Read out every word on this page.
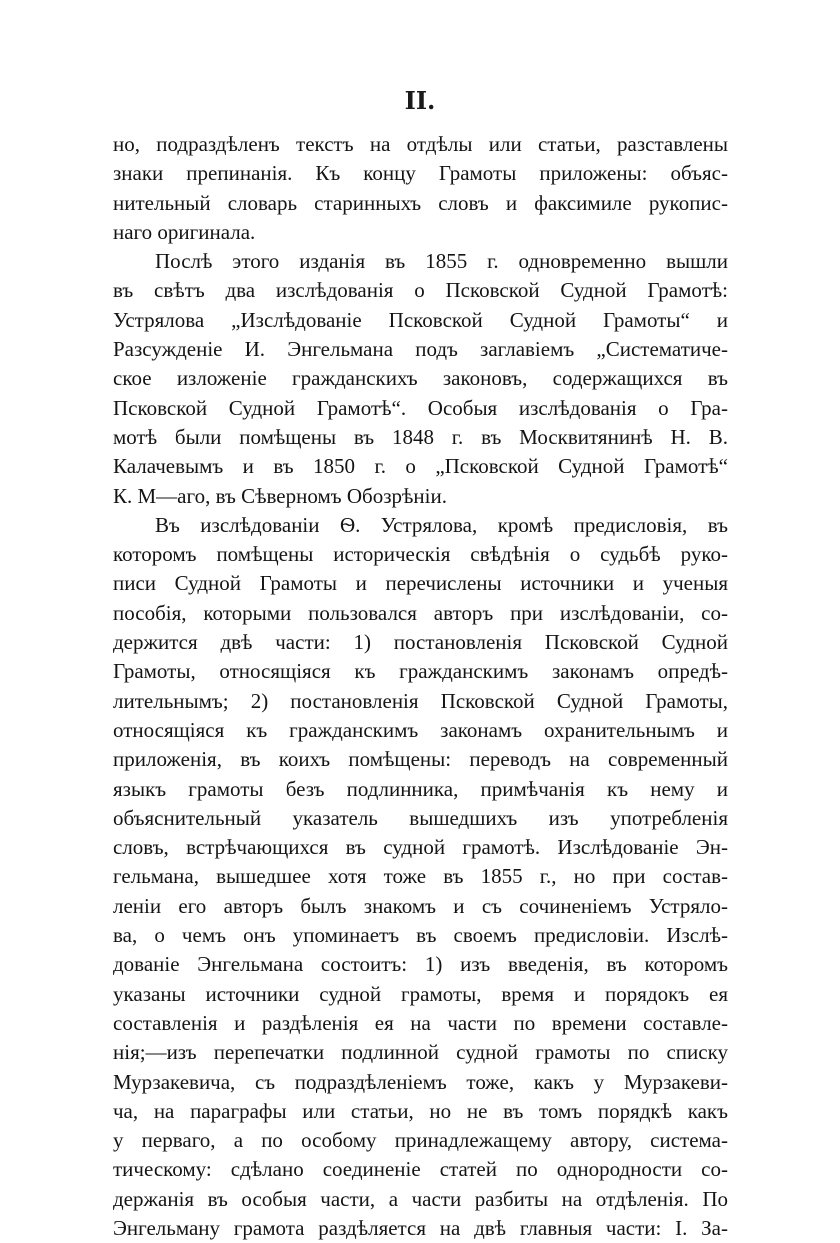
II.
но, подраздѣленъ текстъ на отдѣлы или статьи, разставлены
знаки препинанія. Къ концу Грамоты приложены: объяс-
нительный словарь старинныхъ словъ и факсимиле рукопис-
наго оригинала.
Послѣ этого изданія въ 1855 г. одновременно вышли
въ свѣтъ два изслѣдованія о Псковской Судной Грамотѣ:
Устрялова „Изслѣдованіе Псковской Судной Грамоты“ и
Разсужденіе И. Энгельмана подъ заглавіемъ „Систематиче-
ское изложеніе гражданскихъ законовъ, содержащихся въ
Псковской Судной Грамотѣ“. Особыя изслѣдованія о Гра-
мотѣ были помѣщены въ 1848 г. въ Москвитянинѣ Н. В.
Калачевымъ и въ 1850 г. о „Псковской Судной Грамотѣ“
К. М—аго, въ Сѣверномъ Обозрѣніи.
Въ изслѣдованіи Ѳ. Устрялова, кромѣ предисловія, въ
которомъ помѣщены историческія свѣдѣнія о судьбѣ руко-
писи Судной Грамоты и перечислены источники и ученыя
пособія, которыми пользовался авторъ при изслѣдованіи, со-
держится двѣ части: 1) постановленія Псковской Судной
Грамоты, относящіяся къ гражданскимъ законамъ опредѣ-
лительнымъ; 2) постановленія Псковской Судной Грамоты,
относящіяся къ гражданскимъ законамъ охранительнымъ и
приложенія, въ коихъ помѣщены: переводъ на современный
языкъ грамоты безъ подлинника, примѣчанія къ нему и
объяснительный указатель вышедшихъ изъ употребленія
словъ, встрѣчающихся въ судной грамотѣ. Изслѣдованіе Эн-
гельмана, вышедшее хотя тоже въ 1855 г., но при состав-
леніи его авторъ былъ знакомъ и съ сочиненіемъ Устряло-
ва, о чемъ онъ упоминаетъ въ своемъ предисловіи. Изслѣ-
дованіе Энгельмана состоитъ: 1) изъ введенія, въ которомъ
указаны источники судной грамоты, время и порядокъ ея
составленія и раздѣленія ея на части по времени составле-
нія;—изъ перепечатки подлинной судной грамоты по списку
Мурзакевича, съ подраздѣленіемъ тоже, какъ у Мурзакеви-
ча, на параграфы или статьи, но не въ томъ порядкѣ какъ
у перваго, а по особому принадлежащему автору, система-
тическому: сдѣлано соединеніе статей по однородности со-
держанія въ особыя части, а части разбиты на отдѣленія. По
Энгельману грамота раздѣляется на двѣ главныя части: I. За-
